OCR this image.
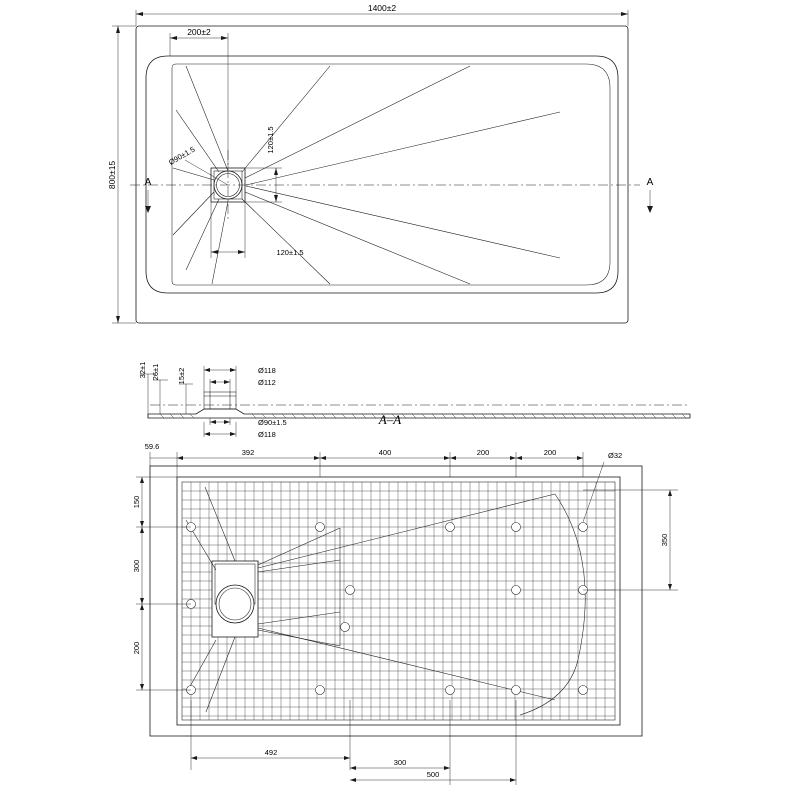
1400±2
200±2
800±15
Ø90±1.5
120±1.5
120±1.5
A	A
A–A
32±1 26±1 15±2	Ø118
Ø112
Ø90±1.5
Ø118
59.6
392	400	200	200	Ø32
150
300
200
350
492
300
500
